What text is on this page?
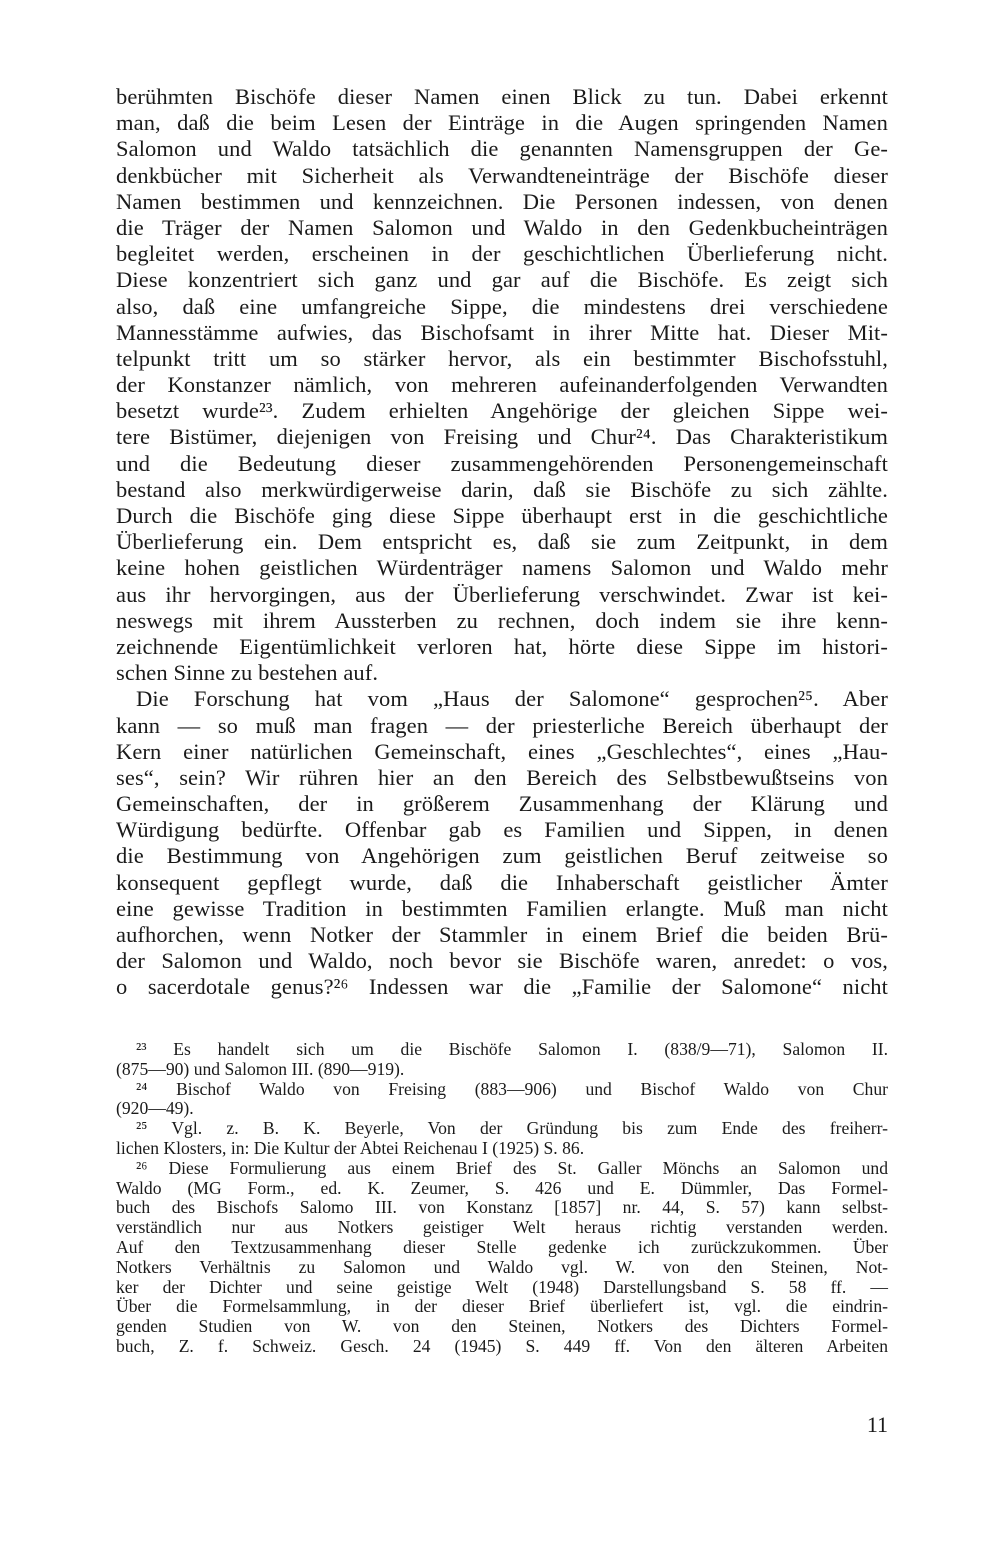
berühmten Bischöfe dieser Namen einen Blick zu tun. Dabei erkennt
man, daß die beim Lesen der Einträge in die Augen springenden Namen
Salomon und Waldo tatsächlich die genannten Namensgruppen der Ge-
denkbücher mit Sicherheit als Verwandteneinträge der Bischöfe dieser
Namen bestimmen und kennzeichnen. Die Personen indessen, von denen
die Träger der Namen Salomon und Waldo in den Gedenkbucheinträgen
begleitet werden, erscheinen in der geschichtlichen Überlieferung nicht.
Diese konzentriert sich ganz und gar auf die Bischöfe. Es zeigt sich
also, daß eine umfangreiche Sippe, die mindestens drei verschiedene
Mannesstämme aufwies, das Bischofsamt in ihrer Mitte hat. Dieser Mit-
telpunkt tritt um so stärker hervor, als ein bestimmter Bischofsstuhl,
der Konstanzer nämlich, von mehreren aufeinanderfolgenden Verwandten
besetzt wurde²³. Zudem erhielten Angehörige der gleichen Sippe wei-
tere Bistümer, diejenigen von Freising und Chur²⁴. Das Charakteristikum
und die Bedeutung dieser zusammengehörenden Personengemeinschaft
bestand also merkwürdigerweise darin, daß sie Bischöfe zu sich zählte.
Durch die Bischöfe ging diese Sippe überhaupt erst in die geschichtliche
Überlieferung ein. Dem entspricht es, daß sie zum Zeitpunkt, in dem
keine hohen geistlichen Würdenträger namens Salomon und Waldo mehr
aus ihr hervorgingen, aus der Überlieferung verschwindet. Zwar ist kei-
neswegs mit ihrem Aussterben zu rechnen, doch indem sie ihre kenn-
zeichnende Eigentümlichkeit verloren hat, hörte diese Sippe im histori-
schen Sinne zu bestehen auf.
Die Forschung hat vom „Haus der Salomone“ gesprochen²⁵. Aber
kann — so muß man fragen — der priesterliche Bereich überhaupt der
Kern einer natürlichen Gemeinschaft, eines „Geschlechtes“, eines „Hau-
ses“, sein? Wir rühren hier an den Bereich des Selbstbewußtseins von
Gemeinschaften, der in größerem Zusammenhang der Klärung und
Würdigung bedürfte. Offenbar gab es Familien und Sippen, in denen
die Bestimmung von Angehörigen zum geistlichen Beruf zeitweise so
konsequent gepflegt wurde, daß die Inhaberschaft geistlicher Ämter
eine gewisse Tradition in bestimmten Familien erlangte. Muß man nicht
aufhorchen, wenn Notker der Stammler in einem Brief die beiden Brü-
der Salomon und Waldo, noch bevor sie Bischöfe waren, anredet: o vos,
o sacerdotale genus?²⁶ Indessen war die „Familie der Salomone“ nicht
²³ Es handelt sich um die Bischöfe Salomon I. (838/9—71), Salomon II.
(875—90) und Salomon III. (890—919).
²⁴ Bischof Waldo von Freising (883—906) und Bischof Waldo von Chur
(920—49).
²⁵ Vgl. z. B. K. Beyerle, Von der Gründung bis zum Ende des freiherr-
lichen Klosters, in: Die Kultur der Abtei Reichenau I (1925) S. 86.
²⁶ Diese Formulierung aus einem Brief des St. Galler Mönchs an Salomon und
Waldo (MG Form., ed. K. Zeumer, S. 426 und E. Dümmler, Das Formel-
buch des Bischofs Salomo III. von Konstanz [1857] nr. 44, S. 57) kann selbst-
verständlich nur aus Notkers geistiger Welt heraus richtig verstanden werden.
Auf den Textzusammenhang dieser Stelle gedenke ich zurückzukommen. Über
Notkers Verhältnis zu Salomon und Waldo vgl. W. von den Steinen, Not-
ker der Dichter und seine geistige Welt (1948) Darstellungsband S. 58 ff. —
Über die Formelsammlung, in der dieser Brief überliefert ist, vgl. die eindrin-
genden Studien von W. von den Steinen, Notkers des Dichters Formel-
buch, Z. f. Schweiz. Gesch. 24 (1945) S. 449 ff. Von den älteren Arbeiten
11
